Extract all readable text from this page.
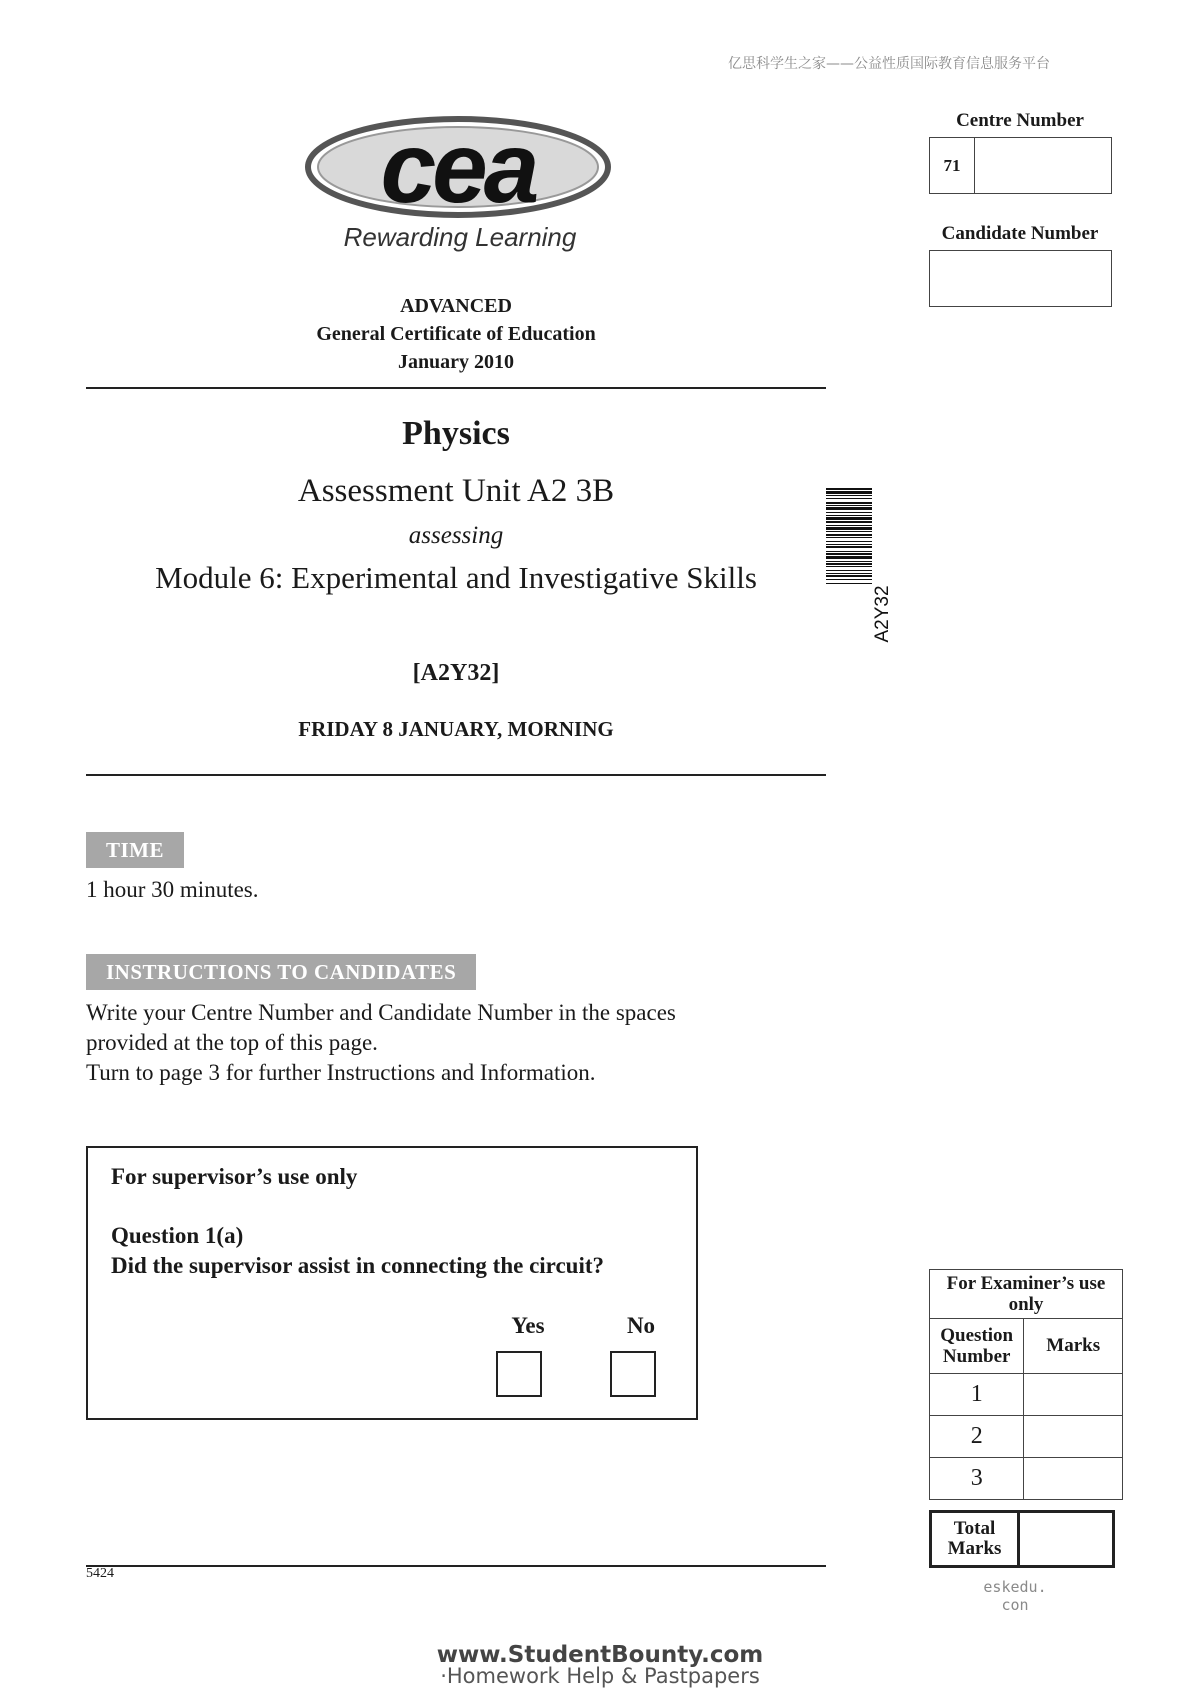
亿思科学生之家——公益性质国际教育信息服务平台
cea
Rewarding Learning
ADVANCED
General Certificate of Education
January 2010
Physics
Assessment Unit A2 3B
assessing
Module 6: Experimental and Investigative Skills
[A2Y32]
FRIDAY 8 JANUARY, MORNING
A2Y32
TIME
1 hour 30 minutes.
INSTRUCTIONS TO CANDIDATES
Write your Centre Number and Candidate Number in the spaces
provided at the top of this page.
Turn to page 3 for further Instructions and Information.
For supervisor’s use only
Question 1(a)
Did the supervisor assist in connecting the circuit?
Yes	No
Centre Number
71
Candidate Number
For Examiner’s use only	
Question Number	Marks
1	
2	
3	
Total Marks
5424
eskedu. con
www.StudentBounty.com
·Homework Help & Pastpapers
